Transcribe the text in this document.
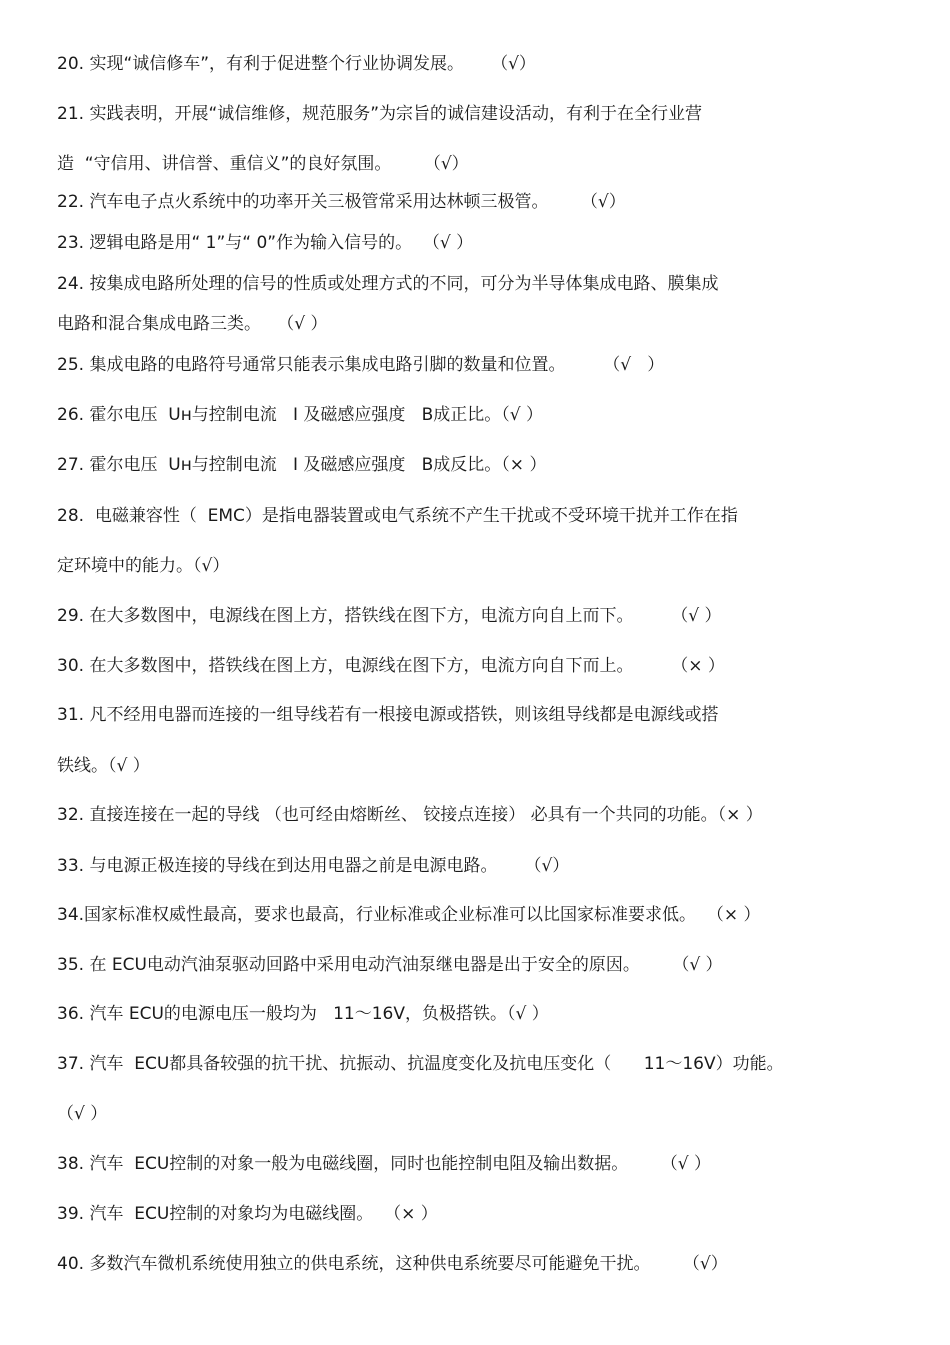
20. 实现“诚信修车”，有利于促进整个行业协调发展。     （√）
21. 实践表明，开展“诚信维修，规范服务”为宗旨的诚信建设活动，有利于在全行业营
造  “守信用、讲信誉、重信义”的良好氛围。      （√）
22. 汽车电子点火系统中的功率开关三极管常采用达林顿三极管。      （√）
23. 逻辑电路是用“ 1”与“ 0”作为输入信号的。  （√ ）
24. 按集成电路所处理的信号的性质或处理方式的不同，可分为半导体集成电路、膜集成
电路和混合集成电路三类。   （√ ）
25. 集成电路的电路符号通常只能表示集成电路引脚的数量和位置。       （√   ）
26. 霍尔电压  Uн与控制电流   I 及磁感应强度   B成正比。（√ ）
27. 霍尔电压  Uн与控制电流   I 及磁感应强度   B成反比。（× ）
28.  电磁兼容性（  EMC）是指电器装置或电气系统不产生干扰或不受环境干扰并工作在指
定环境中的能力。（√）
29. 在大多数图中，电源线在图上方，搭铁线在图下方，电流方向自上而下。       （√ ）
30. 在大多数图中，搭铁线在图上方，电源线在图下方，电流方向自下而上。       （× ）
31. 凡不经用电器而连接的一组导线若有一根接电源或搭铁，则该组导线都是电源线或搭
铁线。（√ ）
32. 直接连接在一起的导线 （也可经由熔断丝、 铰接点连接） 必具有一个共同的功能。（× ）
33. 与电源正极连接的导线在到达用电器之前是电源电路。     （√）
34.国家标准权威性最高，要求也最高，行业标准或企业标准可以比国家标准要求低。  （× ）
35. 在 ECU电动汽油泵驱动回路中采用电动汽油泵继电器是出于安全的原因。      （√ ）
36. 汽车 ECU的电源电压一般均为   11～16V，负极搭铁。（√ ）
37. 汽车  ECU都具备较强的抗干扰、抗振动、抗温度变化及抗电压变化（      11～16V）功能。
（√ ）
38. 汽车  ECU控制的对象一般为电磁线圈，同时也能控制电阻及输出数据。      （√ ）
39. 汽车  ECU控制的对象均为电磁线圈。  （× ）
40. 多数汽车微机系统使用独立的供电系统，这种供电系统要尽可能避免干扰。      （√）
